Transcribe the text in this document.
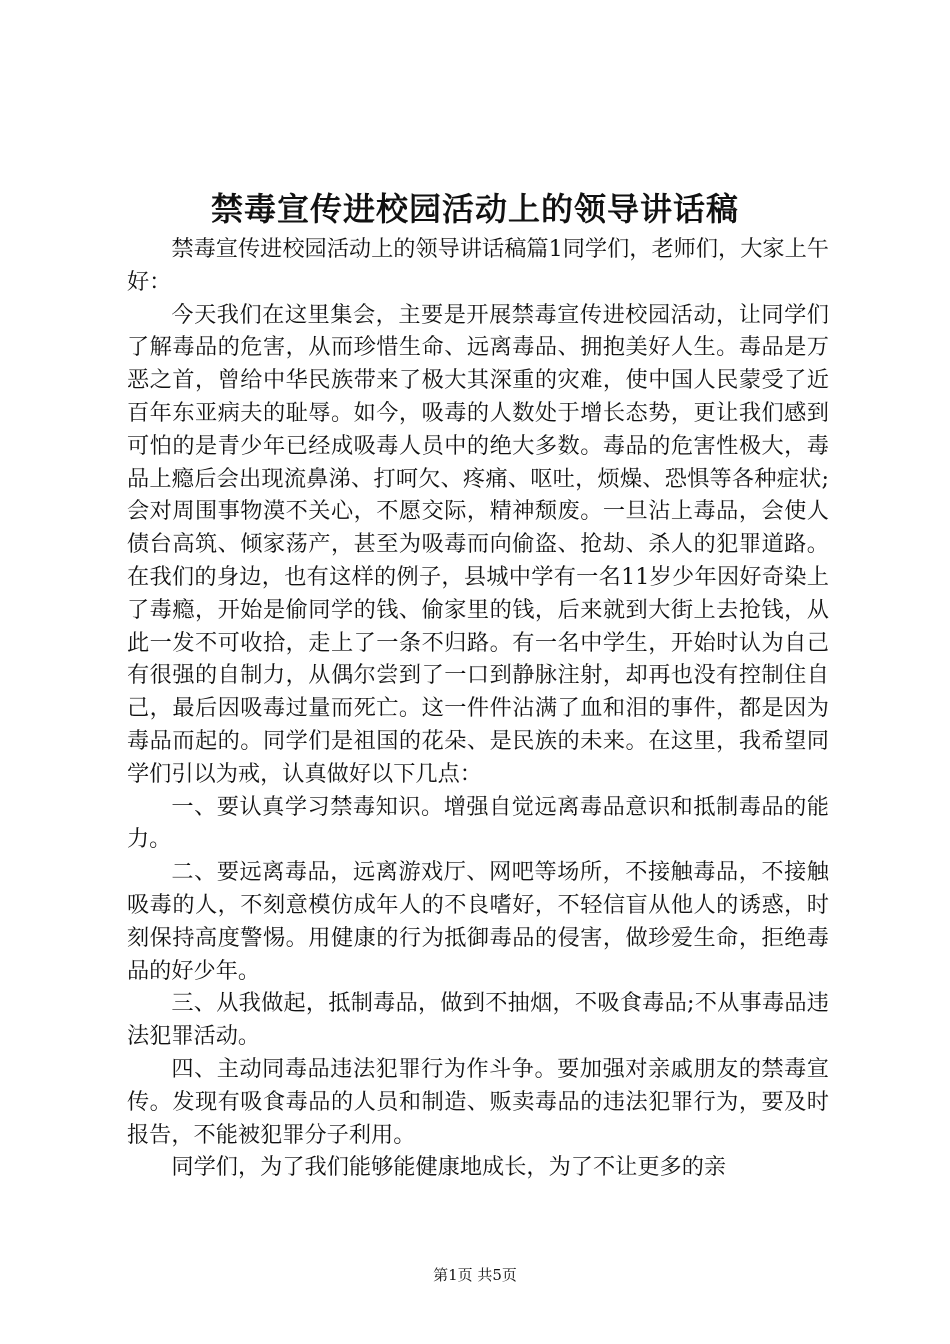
禁毒宣传进校园活动上的领导讲话稿

禁毒宣传进校园活动上的领导讲话稿篇1同学们，老师们，大家上午好：

今天我们在这里集会，主要是开展禁毒宣传进校园活动，让同学们了解毒品的危害，从而珍惜生命、远离毒品、拥抱美好人生。毒品是万恶之首，曾给中华民族带来了极大其深重的灾难，使中国人民蒙受了近百年东亚病夫的耻辱。如今，吸毒的人数处于增长态势，更让我们感到可怕的是青少年已经成吸毒人员中的绝大多数。毒品的危害性极大，毒品上瘾后会出现流鼻涕、打呵欠、疼痛、呕吐，烦燥、恐惧等各种症状;会对周围事物漠不关心，不愿交际，精神颓废。一旦沾上毒品，会使人债台高筑、倾家荡产，甚至为吸毒而向偷盗、抢劫、杀人的犯罪道路。在我们的身边，也有这样的例子，县城中学有一名11岁少年因好奇染上了毒瘾，开始是偷同学的钱、偷家里的钱，后来就到大街上去抢钱，从此一发不可收拾，走上了一条不归路。有一名中学生，开始时认为自己有很强的自制力，从偶尔尝到了一口到静脉注射，却再也没有控制住自己，最后因吸毒过量而死亡。这一件件沾满了血和泪的事件，都是因为毒品而起的。同学们是祖国的花朵、是民族的未来。在这里，我希望同学们引以为戒，认真做好以下几点：

一、要认真学习禁毒知识。增强自觉远离毒品意识和抵制毒品的能力。

二、要远离毒品，远离游戏厅、网吧等场所，不接触毒品，不接触吸毒的人，不刻意模仿成年人的不良嗜好，不轻信盲从他人的诱惑，时刻保持高度警惕。用健康的行为抵御毒品的侵害，做珍爱生命，拒绝毒品的好少年。

三、从我做起，抵制毒品，做到不抽烟，不吸食毒品;不从事毒品违法犯罪活动。

四、主动同毒品违法犯罪行为作斗争。要加强对亲戚朋友的禁毒宣传。发现有吸食毒品的人员和制造、贩卖毒品的违法犯罪行为，要及时报告，不能被犯罪分子利用。

同学们，为了我们能够能健康地成长，为了不让更多的亲

第1页 共5页
